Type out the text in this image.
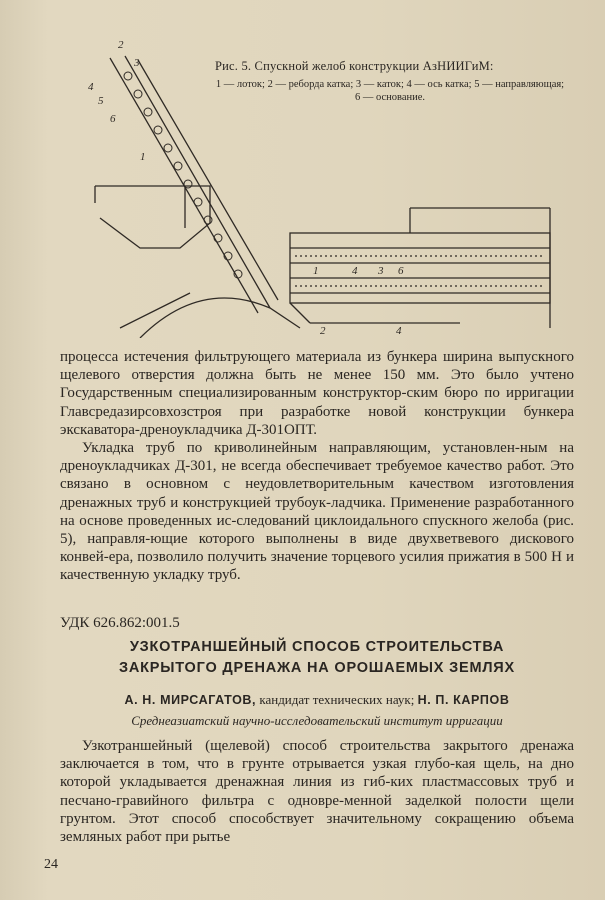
2
3
4
5
6
1
1	4 3 6
2	4
Рис. 5. Спускной желоб конструкции АзНИИГиМ:
1 — лоток; 2 — реборда катка; 3 — каток; 4 — ось катка; 5 — направляющая; 6 — основание.

процесса истечения фильтрующего материала из бункера ширина выпускного щелевого отверстия должна быть не менее 150 мм. Это было учтено Государственным специализированным конструктор-ским бюро по ирригации Главсредазирсовхозстроя при разработке новой конструкции бункера экскаватора-дреноукладчика Д-301ОПТ.

Укладка труб по криволинейным направляющим, установлен-ным на дреноукладчиках Д-301, не всегда обеспечивает требуемое качество работ. Это связано в основном с неудовлетворительным качеством изготовления дренажных труб и конструкцией трубоук-ладчика. Применение разработанного на основе проведенных ис-следований циклоидального спускного желоба (рис. 5), направля-ющие которого выполнены в виде двухветвевого дискового конвей-ера, позволило получить значение торцевого усилия прижатия в 500 Н и качественную укладку труб.

УДК 626.862:001.5
УЗКОТРАНШЕЙНЫЙ СПОСОБ СТРОИТЕЛЬСТВА
ЗАКРЫТОГО ДРЕНАЖА НА ОРОШАЕМЫХ ЗЕМЛЯХ
А. Н. МИРСАГАТОВ, кандидат технических наук; Н. П. КАРПОВ
Среднеазиатский научно-исследовательский институт ирригации

Узкотраншейный (щелевой) способ строительства закрытого дренажа заключается в том, что в грунте отрывается узкая глубо-кая щель, на дно которой укладывается дренажная линия из гиб-ких пластмассовых труб и песчано-гравийного фильтра с одновре-менной заделкой полости щели грунтом. Этот способ способствует значительному сокращению объема земляных работ при рытье

24
